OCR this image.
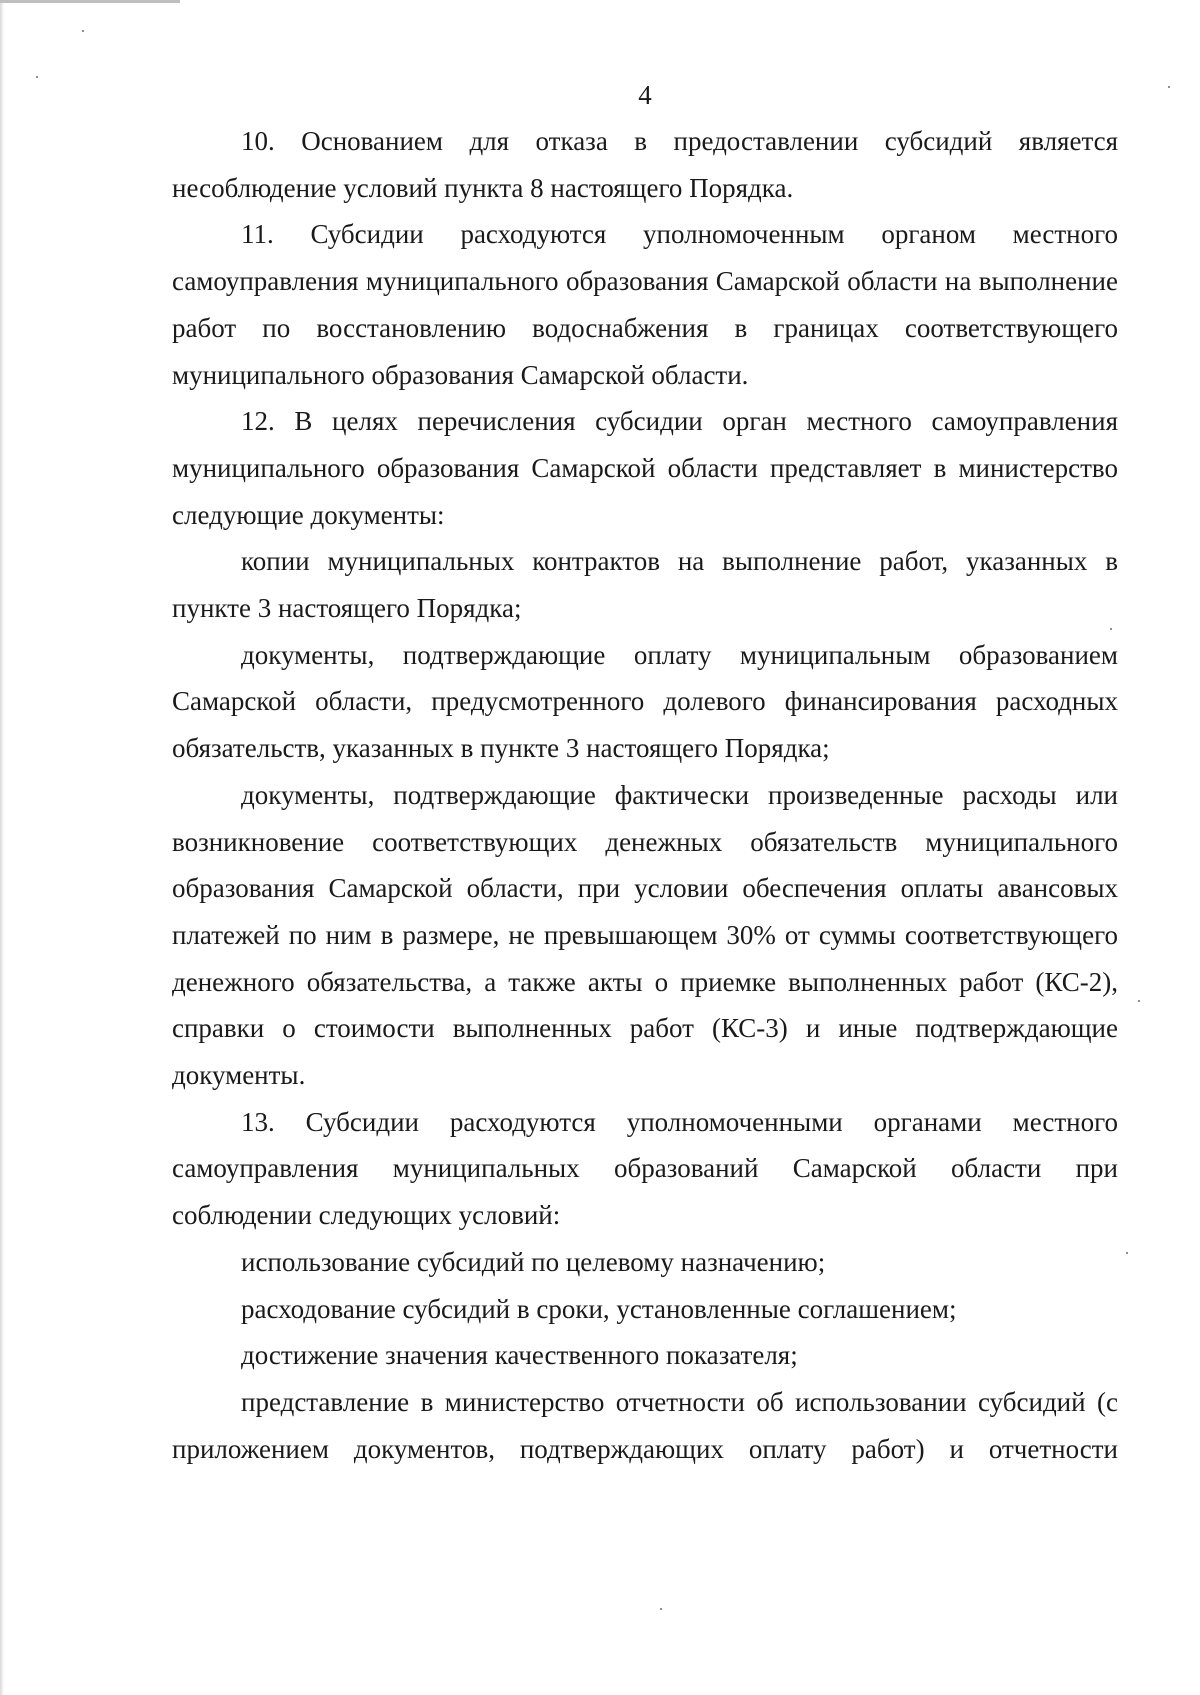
4

10. Основанием для отказа в предоставлении субсидий является несоблюдение условий пункта 8 настоящего Порядка.

11. Субсидии расходуются уполномоченным органом местного самоуправления муниципального образования Самарской области на выполнение работ по восстановлению водоснабжения в границах соответствующего муниципального образования Самарской области.

12. В целях перечисления субсидии орган местного самоуправления муниципального образования Самарской области представляет в министерство следующие документы:

копии муниципальных контрактов на выполнение работ, указанных в пункте 3 настоящего Порядка;

документы, подтверждающие оплату муниципальным образованием Самарской области, предусмотренного долевого финансирования расходных обязательств, указанных в пункте 3 настоящего Порядка;

документы, подтверждающие фактически произведенные расходы или возникновение соответствующих денежных обязательств муниципального образования Самарской области, при условии обеспечения оплаты авансовых платежей по ним в размере, не превышающем 30% от суммы соответствующего денежного обязательства, а также акты о приемке выполненных работ (КС-2), справки о стоимости выполненных работ (КС-3) и иные подтверждающие документы.

13. Субсидии расходуются уполномоченными органами местного самоуправления муниципальных образований Самарской области при соблюдении следующих условий:

использование субсидий по целевому назначению;

расходование субсидий в сроки, установленные соглашением;

достижение значения качественного показателя;

представление в министерство отчетности об использовании субсидий (с приложением документов, подтверждающих оплату работ) и отчетности
